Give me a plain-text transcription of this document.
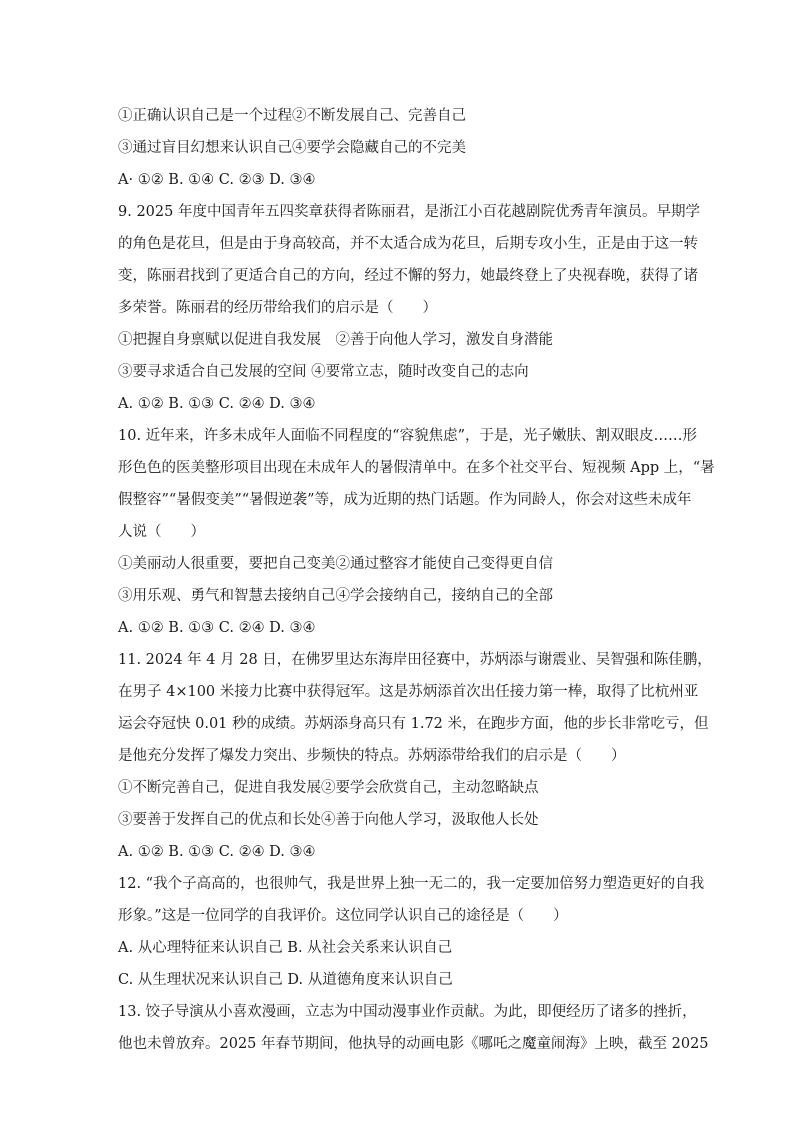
①正确认识自己是一个过程②不断发展自己、完善自己
③通过盲目幻想来认识自己④要学会隐藏自己的不完美
A· ①② B. ①④ C. ②③ D. ③④
9. 2025 年度中国青年五四奖章获得者陈丽君，是浙江小百花越剧院优秀青年演员。早期学
的角色是花旦，但是由于身高较高，并不太适合成为花旦，后期专攻小生，正是由于这一转
变，陈丽君找到了更适合自己的方向，经过不懈的努力，她最终登上了央视春晚，获得了诸
多荣誉。陈丽君的经历带给我们的启示是（　　）
①把握自身禀赋以促进自我发展　②善于向他人学习，激发自身潜能
③要寻求适合自己发展的空间 ④要常立志，随时改变自己的志向
A. ①② B. ①③ C. ②④ D. ③④
10. 近年来，许多未成年人面临不同程度的“容貌焦虑”，于是，光子嫩肤、割双眼皮……形
形色色的医美整形项目出现在未成年人的暑假清单中。在多个社交平台、短视频 App 上，“暑
假整容”“暑假变美”“暑假逆袭”等，成为近期的热门话题。作为同龄人，你会对这些未成年
人说（　　）
①美丽动人很重要，要把自己变美②通过整容才能使自己变得更自信
③用乐观、勇气和智慧去接纳自己④学会接纳自己，接纳自己的全部
A. ①② B. ①③ C. ②④ D. ③④
11. 2024 年 4 月 28 日，在佛罗里达东海岸田径赛中，苏炳添与谢震业、吴智强和陈佳鹏，
在男子 4×100 米接力比赛中获得冠军。这是苏炳添首次出任接力第一棒，取得了比杭州亚
运会夺冠快 0.01 秒的成绩。苏炳添身高只有 1.72 米，在跑步方面，他的步长非常吃亏，但
是他充分发挥了爆发力突出、步频快的特点。苏炳添带给我们的启示是（　　）
①不断完善自己，促进自我发展②要学会欣赏自己，主动忽略缺点
③要善于发挥自己的优点和长处④善于向他人学习，汲取他人长处
A. ①② B. ①③ C. ②④ D. ③④
12. “我个子高高的，也很帅气，我是世界上独一无二的，我一定要加倍努力塑造更好的自我
形象。”这是一位同学的自我评价。这位同学认识自己的途径是（　　）
A. 从心理特征来认识自己 B. 从社会关系来认识自己
C. 从生理状况来认识自己 D. 从道德角度来认识自己
13. 饺子导演从小喜欢漫画，立志为中国动漫事业作贡献。为此，即便经历了诸多的挫折，
他也未曾放弃。2025 年春节期间，他执导的动画电影《哪吒之魔童闹海》上映，截至 2025
